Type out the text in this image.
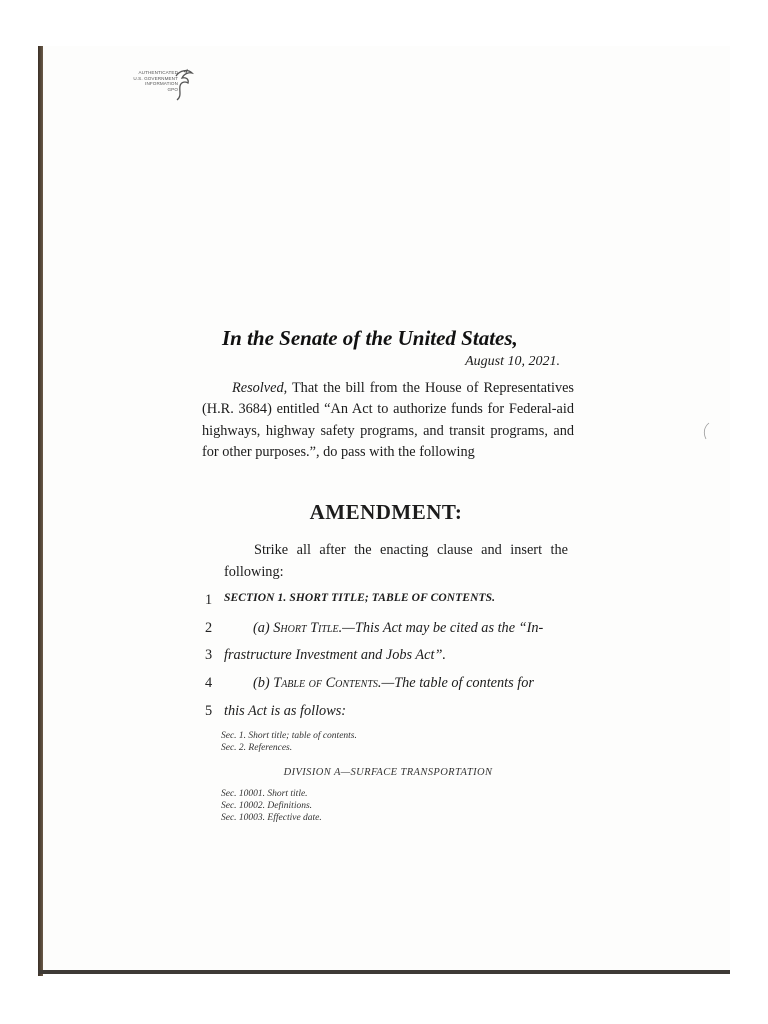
AUTHENTICATED
U.S. GOVERNMENT
INFORMATION
GPO
In the Senate of the United States,
August 10, 2021.
Resolved, That the bill from the House of Representatives (H.R. 3684) entitled “An Act to authorize funds for Federal-aid highways, highway safety programs, and transit programs, and for other purposes.”, do pass with the following
AMENDMENT:
Strike all after the enacting clause and insert the following:
1	SECTION 1. SHORT TITLE; TABLE OF CONTENTS.
2	(a) Short Title.—This Act may be cited as the “In-
3 frastructure Investment and Jobs Act”.
4	(b) Table of Contents.—The table of contents for
5 this Act is as follows:
Sec. 1. Short title; table of contents.
Sec. 2. References.
DIVISION A—SURFACE TRANSPORTATION
Sec. 10001. Short title.
Sec. 10002. Definitions.
Sec. 10003. Effective date.
